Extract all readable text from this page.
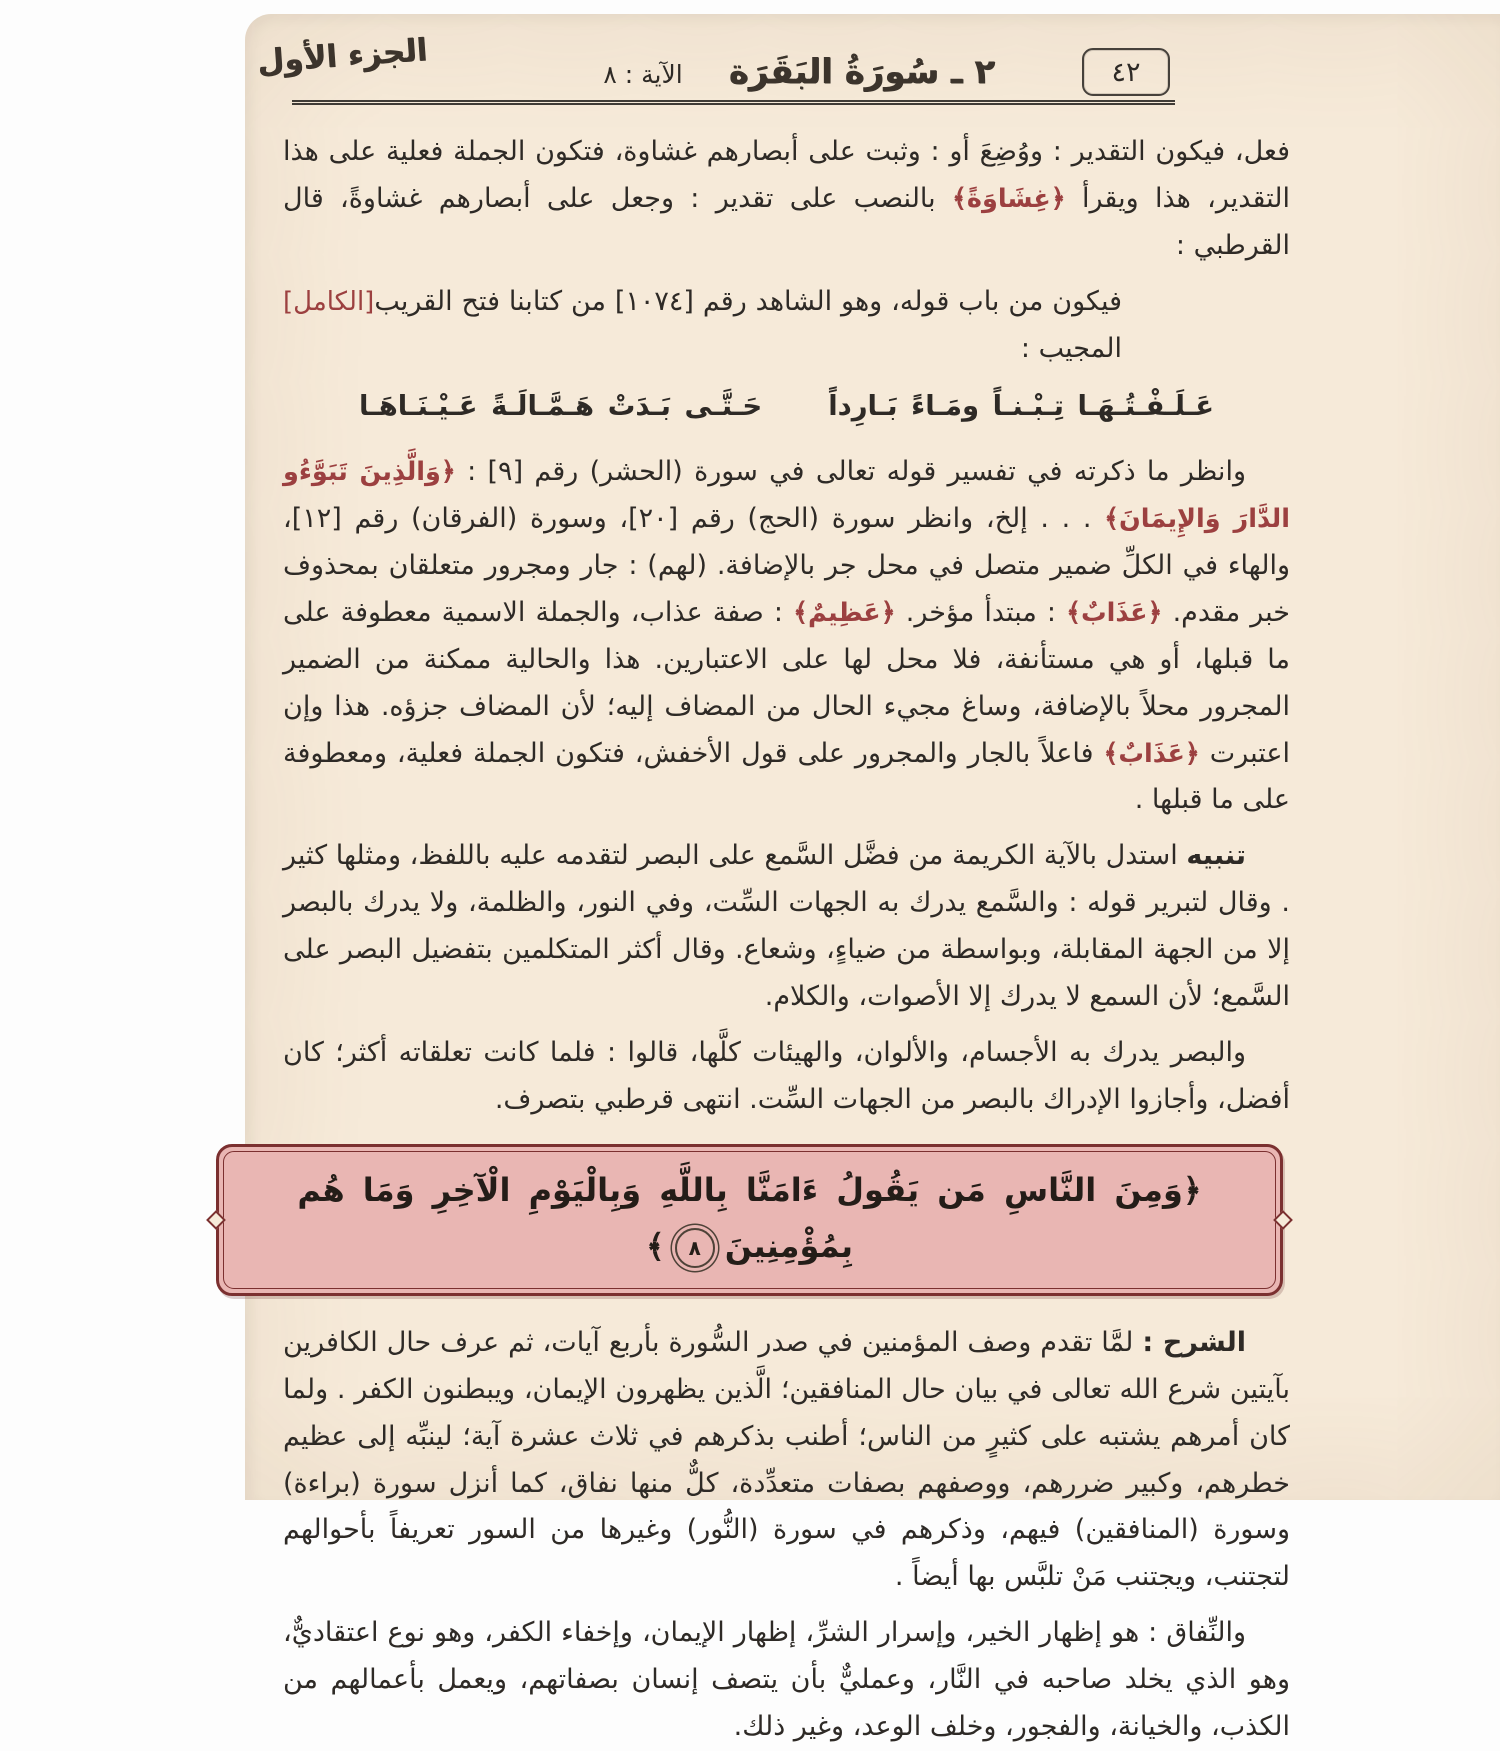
٤٢
٢ ـ سُورَةُ البَقَرَة
الآية : ٨
الجزء الأول

فعل، فيكون التقدير : ووُضِعَ أو : وثبت على أبصارهم غشاوة، فتكون الجملة فعلية على هذا التقدير، هذا ويقرأ ﴿غِشَاوَةً﴾ بالنصب على تقدير : وجعل على أبصارهم غشاوةً، قال القرطبي :

فيكون من باب قوله، وهو الشاهد رقم [١٠٧٤] من كتابنا فتح القريب المجيب :
[الكامل]
عَـلَـفْـتُـهَـا تِـبْـنـاً ومَـاءً بَـارِداً
حَـتَّـى بَـدَتْ هَـمَّـالَـةً عَـيْـنَـاهَـا

وانظر ما ذكرته في تفسير قوله تعالى في سورة (الحشر) رقم [٩] : ﴿وَالَّذِينَ تَبَوَّءُو الدَّارَ وَالإِيمَانَ﴾ . . . إلخ، وانظر سورة (الحج) رقم [٢٠]، وسورة (الفرقان) رقم [١٢]، والهاء في الكلِّ ضمير متصل في محل جر بالإضافة. (لهم) : جار ومجرور متعلقان بمحذوف خبر مقدم. ﴿عَذَابٌ﴾ : مبتدأ مؤخر. ﴿عَظِيمٌ﴾ : صفة عذاب، والجملة الاسمية معطوفة على ما قبلها، أو هي مستأنفة، فلا محل لها على الاعتبارين. هذا والحالية ممكنة من الضمير المجرور محلاً بالإضافة، وساغ مجيء الحال من المضاف إليه؛ لأن المضاف جزؤه. هذا وإن اعتبرت ﴿عَذَابٌ﴾ فاعلاً بالجار والمجرور على قول الأخفش، فتكون الجملة فعلية، ومعطوفة على ما قبلها .

تنبيه استدل بالآية الكريمة من فضَّل السَّمع على البصر لتقدمه عليه باللفظ، ومثلها كثير . وقال لتبرير قوله : والسَّمع يدرك به الجهات السِّت، وفي النور، والظلمة، ولا يدرك بالبصر إلا من الجهة المقابلة، وبواسطة من ضياءٍ، وشعاع. وقال أكثر المتكلمين بتفضيل البصر على السَّمع؛ لأن السمع لا يدرك إلا الأصوات، والكلام.

والبصر يدرك به الأجسام، والألوان، والهيئات كلَّها، قالوا : فلما كانت تعلقاته أكثر؛ كان أفضل، وأجازوا الإدراك بالبصر من الجهات السِّت. انتهى قرطبي بتصرف.

﴿وَمِنَ النَّاسِ مَن يَقُولُ ءَامَنَّا بِاللَّهِ وَبِالْيَوْمِ الْآخِرِ وَمَا هُم بِمُؤْمِنِينَ٨﴾

الشرح : لمَّا تقدم وصف المؤمنين في صدر السُّورة بأربع آيات، ثم عرف حال الكافرين بآيتين شرع الله تعالى في بيان حال المنافقين؛ الَّذين يظهرون الإيمان، ويبطنون الكفر . ولما كان أمرهم يشتبه على كثيرٍ من الناس؛ أطنب بذكرهم في ثلاث عشرة آية؛ لينبِّه إلى عظيم خطرهم، وكبير ضررهم، ووصفهم بصفات متعدِّدة، كلٌّ منها نفاق، كما أنزل سورة (براءة) وسورة (المنافقين) فيهم، وذكرهم في سورة (النُّور) وغيرها من السور تعريفاً بأحوالهم لتجتنب، ويجتنب مَنْ تلبَّس بها أيضاً .

والنِّفاق : هو إظهار الخير، وإسرار الشرِّ، إظهار الإيمان، وإخفاء الكفر، وهو نوع اعتقاديٌّ، وهو الذي يخلد صاحبه في النَّار، وعمليٌّ بأن يتصف إنسان بصفاتهم، ويعمل بأعمالهم من الكذب، والخيانة، والفجور، وخلف الوعد، وغير ذلك.
